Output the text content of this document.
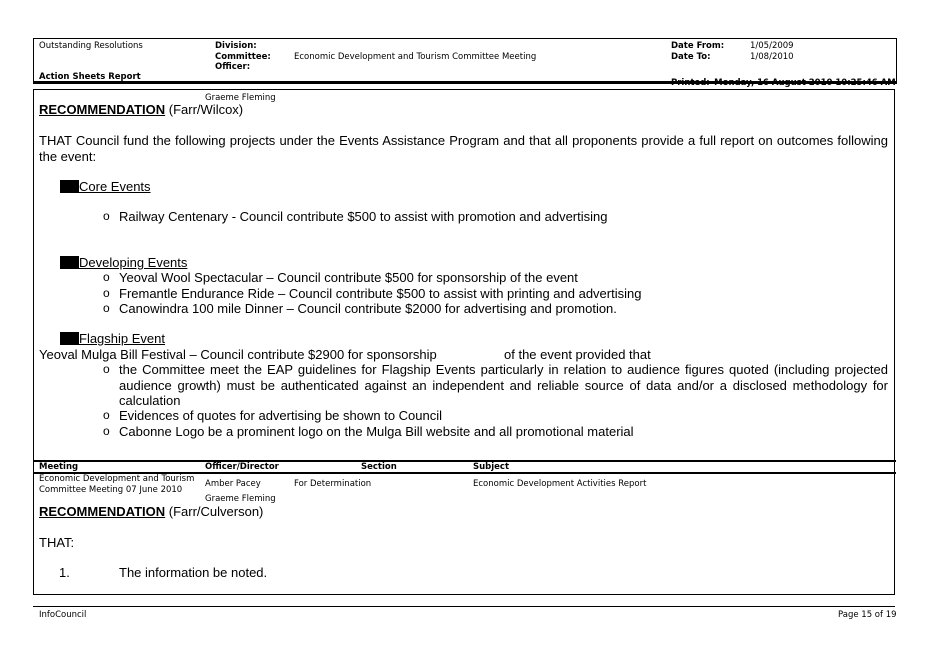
Outstanding Resolutions
Action Sheets Report
Division:
Committee:	Economic Development and Tourism Committee Meeting
Officer:
Date From:	1/05/2009
Date To:	1/08/2010
Printed: Monday, 16 August 2010 10:25:46 AM
Graeme Fleming
RECOMMENDATION (Farr/Wilcox)
THAT Council fund the following projects under the Events Assistance Program and that all proponents provide a full report on outcomes following the event:
Core Events
o Railway Centenary - Council contribute $500 to assist with promotion and advertising
Developing Events
o Yeoval Wool Spectacular – Council contribute $500 for sponsorship of the event
o Fremantle Endurance Ride – Council contribute $500 to assist with printing and advertising
o Canowindra 100 mile Dinner – Council contribute $2000 for advertising and promotion.
Flagship Event
Yeoval Mulga Bill Festival – Council contribute $2900 for sponsorship	of the event provided that
o the Committee meet the EAP guidelines for Flagship Events particularly in relation to audience figures quoted (including projected audience growth) must be authenticated against an independent and reliable source of data and/or a disclosed methodology for calculation
o Evidences of quotes for advertising be shown to Council
o Cabonne Logo be a prominent logo on the Mulga Bill website and all promotional material
Meeting	Officer/Director	Section	Subject
Economic Development and Tourism
Committee Meeting 07 June 2010
Amber Pacey	For Determination	Economic Development Activities Report
Graeme Fleming
RECOMMENDATION (Farr/Culverson)
THAT:
1.	The information be noted.
InfoCouncil	Page 15 of 19
